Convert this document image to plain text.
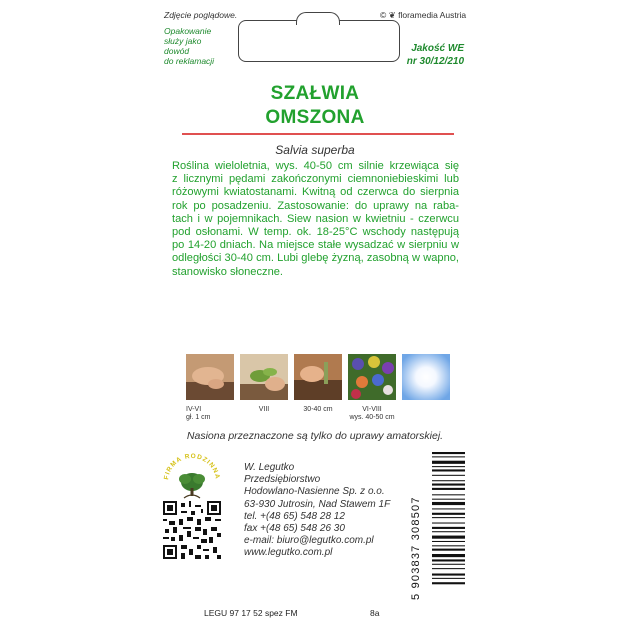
Zdjęcie poglądowe.	© ❦ floramedia Austria
Opakowanie
służy jako
dowód
do reklamacji
Jakość WE
nr 30/12/210
SZAŁWIA
OMSZONA
Salvia superba
Roślina wieloletnia, wys. 40-50 cm silnie krzewiąca się
z licznymi pędami zakończonymi ciemnoniebieskimi lub
różowymi kwiatostanami. Kwitną od czerwca do sierpnia
rok po posadzeniu. Zastosowanie: do uprawy na raba-
tach i w pojemnikach. Siew nasion w kwietniu - czerwcu
pod osłonami. W temp. ok. 18-25°C wschody następują
po 14-20 dniach. Na miejsce stałe wysadzać w sierpniu w
odległości 30-40 cm. Lubi glebę żyzną, zasobną w wapno,
stanowisko słoneczne.
IV-VI
gł. 1 cm
VIII	30-40 cm	VI-VIII
wys. 40-50 cm
Nasiona przeznaczone są tylko do uprawy amatorskiej.
FIRMA RODZINNA
W. Legutko
Przedsiębiorstwo
Hodowlano-Nasienne Sp. z o.o.
63-930 Jutrosin, Nad Stawem 1F
tel. +(48 65) 548 28 12
fax +(48 65) 548 26 30
e-mail: biuro@legutko.com.pl
www.legutko.com.pl	5 903837 308507
LEGU 97 17 52 spez FM	8a
